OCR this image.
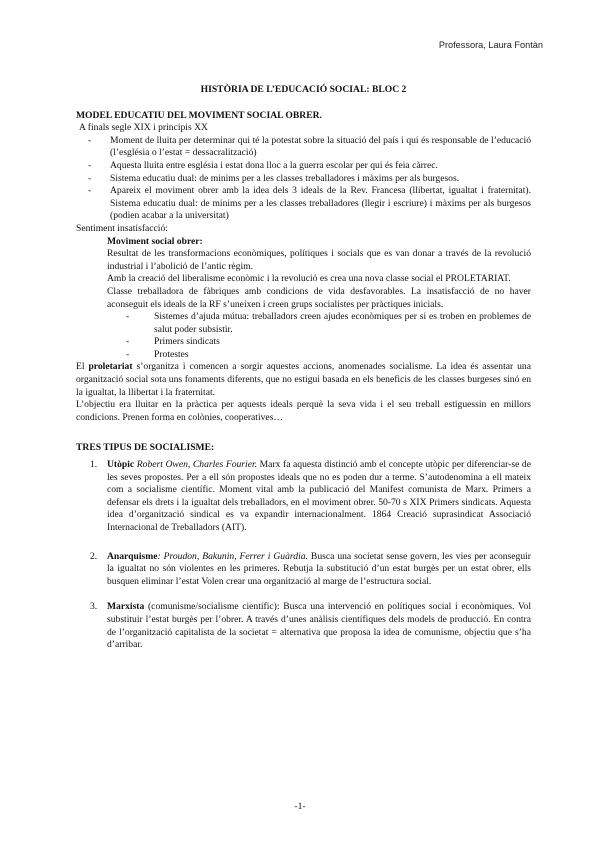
Professora, Laura Fontàn
HISTÒRIA DE L’EDUCACIÓ SOCIAL: BLOC 2
MODEL EDUCATIU DEL MOVIMENT SOCIAL OBRER.

A finals segle XIX i principis XX

- Moment de lluita per determinar qui té la potestat sobre la situació del país i qui és responsable de l’educació (l’església o l’estat = dessacralització)
- Aquesta lluita entre església i estat dona lloc a la guerra escolar per qui és feia càrrec.
- Sistema educatiu dual: de mínims per a les classes treballadores i màxims per als burgesos.
- Apareix el moviment obrer amb la idea dels 3 ideals de la Rev. Francesa (llibertat, igualtat i fraternitat). Sistema educatiu dual: de mínims per a les classes treballadores (llegir i escriure) i màxims per als burgesos (podien acabar a la universitat)

Sentiment insatisfacció:

Moviment social obrer:

Resultat de les transformacions econòmiques, polítiques i socials que es van donar a través de la revolució industrial i l’abolició de l’antic règim.

Amb la creació del liberalisme econòmic i la revolució es crea una nova classe social el PROLETARIAT.

Classe treballadora de fàbriques amb condicions de vida desfavorables. La insatisfacció de no haver aconseguit els ideals de la RF s’uneixen i creen grups socialistes per pràctiques inicials.

- Sistemes d’ajuda mútua: treballadors creen ajudes econòmiques per si es troben en problemes de salut poder subsistir.
- Primers sindicats
- Protestes

El proletariat s’organitza i comencen a sorgir aquestes accions, anomenades socialisme. La idea és assentar una organització social sota uns fonaments diferents, que no estigui basada en els beneficis de les classes burgeses sinó en la igualtat, la llibertat i la fraternitat.

L’objectiu era lluitar en la pràctica per aquests ideals perquè la seva vida i el seu treball estiguessin en millors condicions. Prenen forma en colònies, cooperatives…

TRES TIPUS DE SOCIALISME:
1. Utòpic Robert Owen, Charles Fourier. Marx fa aquesta distinció amb el concepte utòpic per diferenciar-se de les seves propostes. Per a ell són propostes ideals que no es poden dur a terme. S’autodenomina a ell mateix com a socialisme científic. Moment vital amb la publicació del Manifest comunista de Marx. Primers a defensar els drets i la igualtat dels treballadors, en el moviment obrer. 50-70 s XIX Primers sindicats. Aquesta idea d’organització sindical es va expandir internacionalment. 1864 Creació suprasindicat Associació Internacional de Treballadors (AIT).
2. Anarquisme: Proudon, Bakunin, Ferrer i Guàrdia. Busca una societat sense govern, les vies per aconseguir la igualtat no són violentes en les primeres. Rebutja la substitució d’un estat burgès per un estat obrer, ells busquen eliminar l’estat Volen crear una organització al marge de l’estructura social.
3. Marxista (comunisme/socialisme científic): Busca una intervenció en polítiques social i econòmiques. Vol substituir l’estat burgès per l’obrer. A través d’unes anàlisis científiques dels models de producció. En contra de l’organització capitalista de la societat = alternativa que proposa la idea de comunisme, objectiu que s’ha d’arribar.
-1-
